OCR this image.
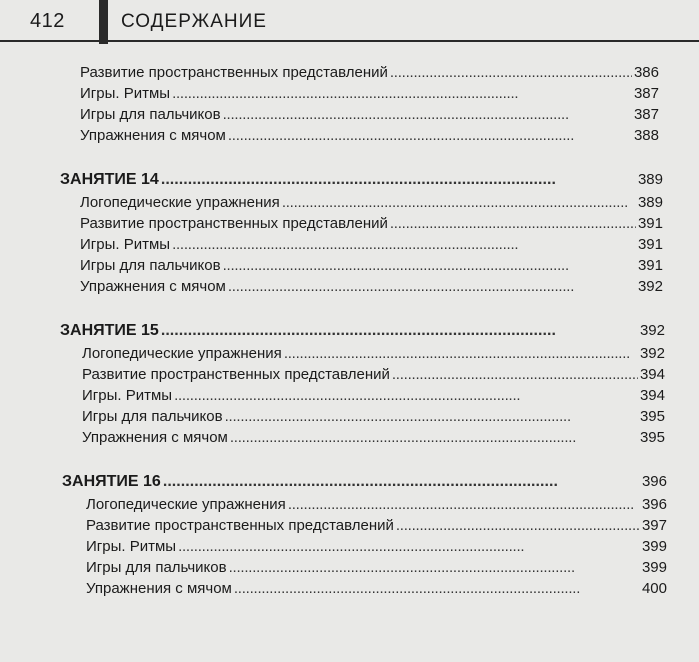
412	СОДЕРЖАНИЕ
Развитие пространственных представлений . . .	386
Игры. Ритмы . . .	387
Игры для пальчиков . . .	387
Упражнения с мячом . . .	388
ЗАНЯТИЕ 14 . . .	389
Логопедические упражнения . . .	389
Развитие пространственных представлений . . .	391
Игры. Ритмы . . .	391
Игры для пальчиков . . .	391
Упражнения с мячом . . .	392
ЗАНЯТИЕ 15 . . .	392
Логопедические упражнения . . .	392
Развитие пространственных представлений . . .	394
Игры. Ритмы . . .	394
Игры для пальчиков . . .	395
Упражнения с мячом . . .	395
ЗАНЯТИЕ 16 . . .	396
Логопедические упражнения . . .	396
Развитие пространственных представлений . . .	397
Игры. Ритмы . . .	399
Игры для пальчиков . . .	399
Упражнения с мячом . . .	400
